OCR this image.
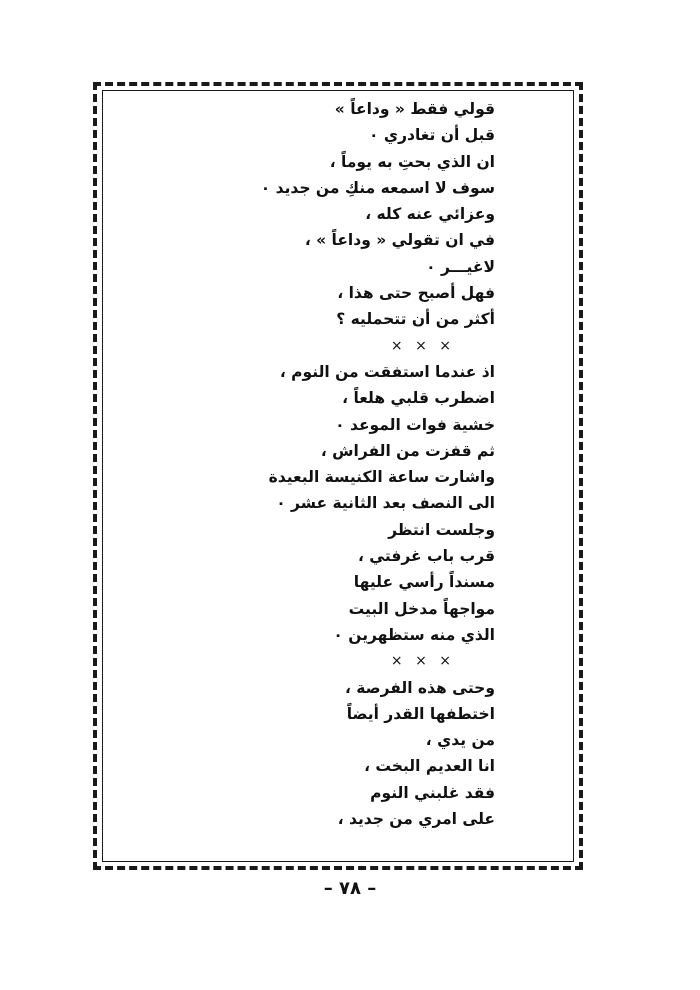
قولي فقط « وداعاً »
قبل أن تغادري ٠
ان الذي بحتِ به يوماً ،
سوف لا اسمعه منكِ من جديد ٠
وعزائي عنه كله ،
في ان تقولي « وداعاً » ،
لاغيـــر ٠
فهل أصبح حتى هذا ،
أكثر من أن تتحمليه ؟
× × ×
اذ عندما استفقت من النوم ،
اضطرب قلبي هلعاً ،
خشية فوات الموعد ٠
ثم قفزت من الفراش ،
واشارت ساعة الكنيسة البعيدة
الى النصف بعد الثانية عشر ٠
وجلست انتظر
قرب باب غرفتي ،
مسنداً رأسي عليها
مواجهاً مدخل البيت
الذي منه ستظهرين ٠
× × ×
وحتى هذه الفرصة ،
اختطفها القدر أيضاً
من يدي ،
انا العديم البخت ،
فقد غلبني النوم
على امري من جديد ،
– ٧٨ –
